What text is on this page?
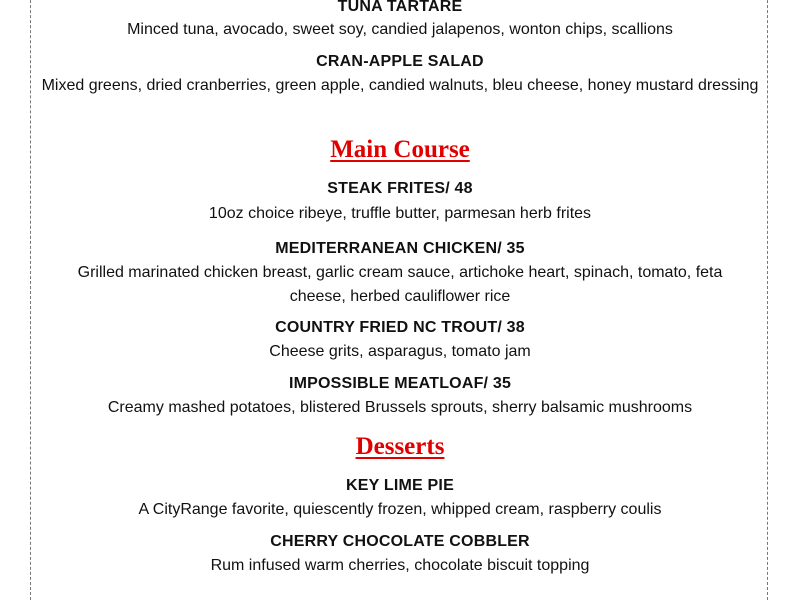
TUNA TARTARE
Minced tuna, avocado, sweet soy, candied jalapenos, wonton chips, scallions
CRAN-APPLE SALAD
Mixed greens, dried cranberries, green apple, candied walnuts, bleu cheese, honey mustard dressing
Main Course
STEAK FRITES/ 48
10oz choice ribeye, truffle butter, parmesan herb frites
MEDITERRANEAN CHICKEN/ 35
Grilled marinated chicken breast, garlic cream sauce, artichoke heart, spinach, tomato, feta cheese, herbed cauliflower rice
COUNTRY FRIED NC TROUT/ 38
Cheese grits, asparagus, tomato jam
IMPOSSIBLE MEATLOAF/ 35
Creamy mashed potatoes, blistered Brussels sprouts, sherry balsamic mushrooms
Desserts
KEY LIME PIE
A CityRange favorite, quiescently frozen, whipped cream, raspberry coulis
CHERRY CHOCOLATE COBBLER
Rum infused warm cherries, chocolate biscuit topping
